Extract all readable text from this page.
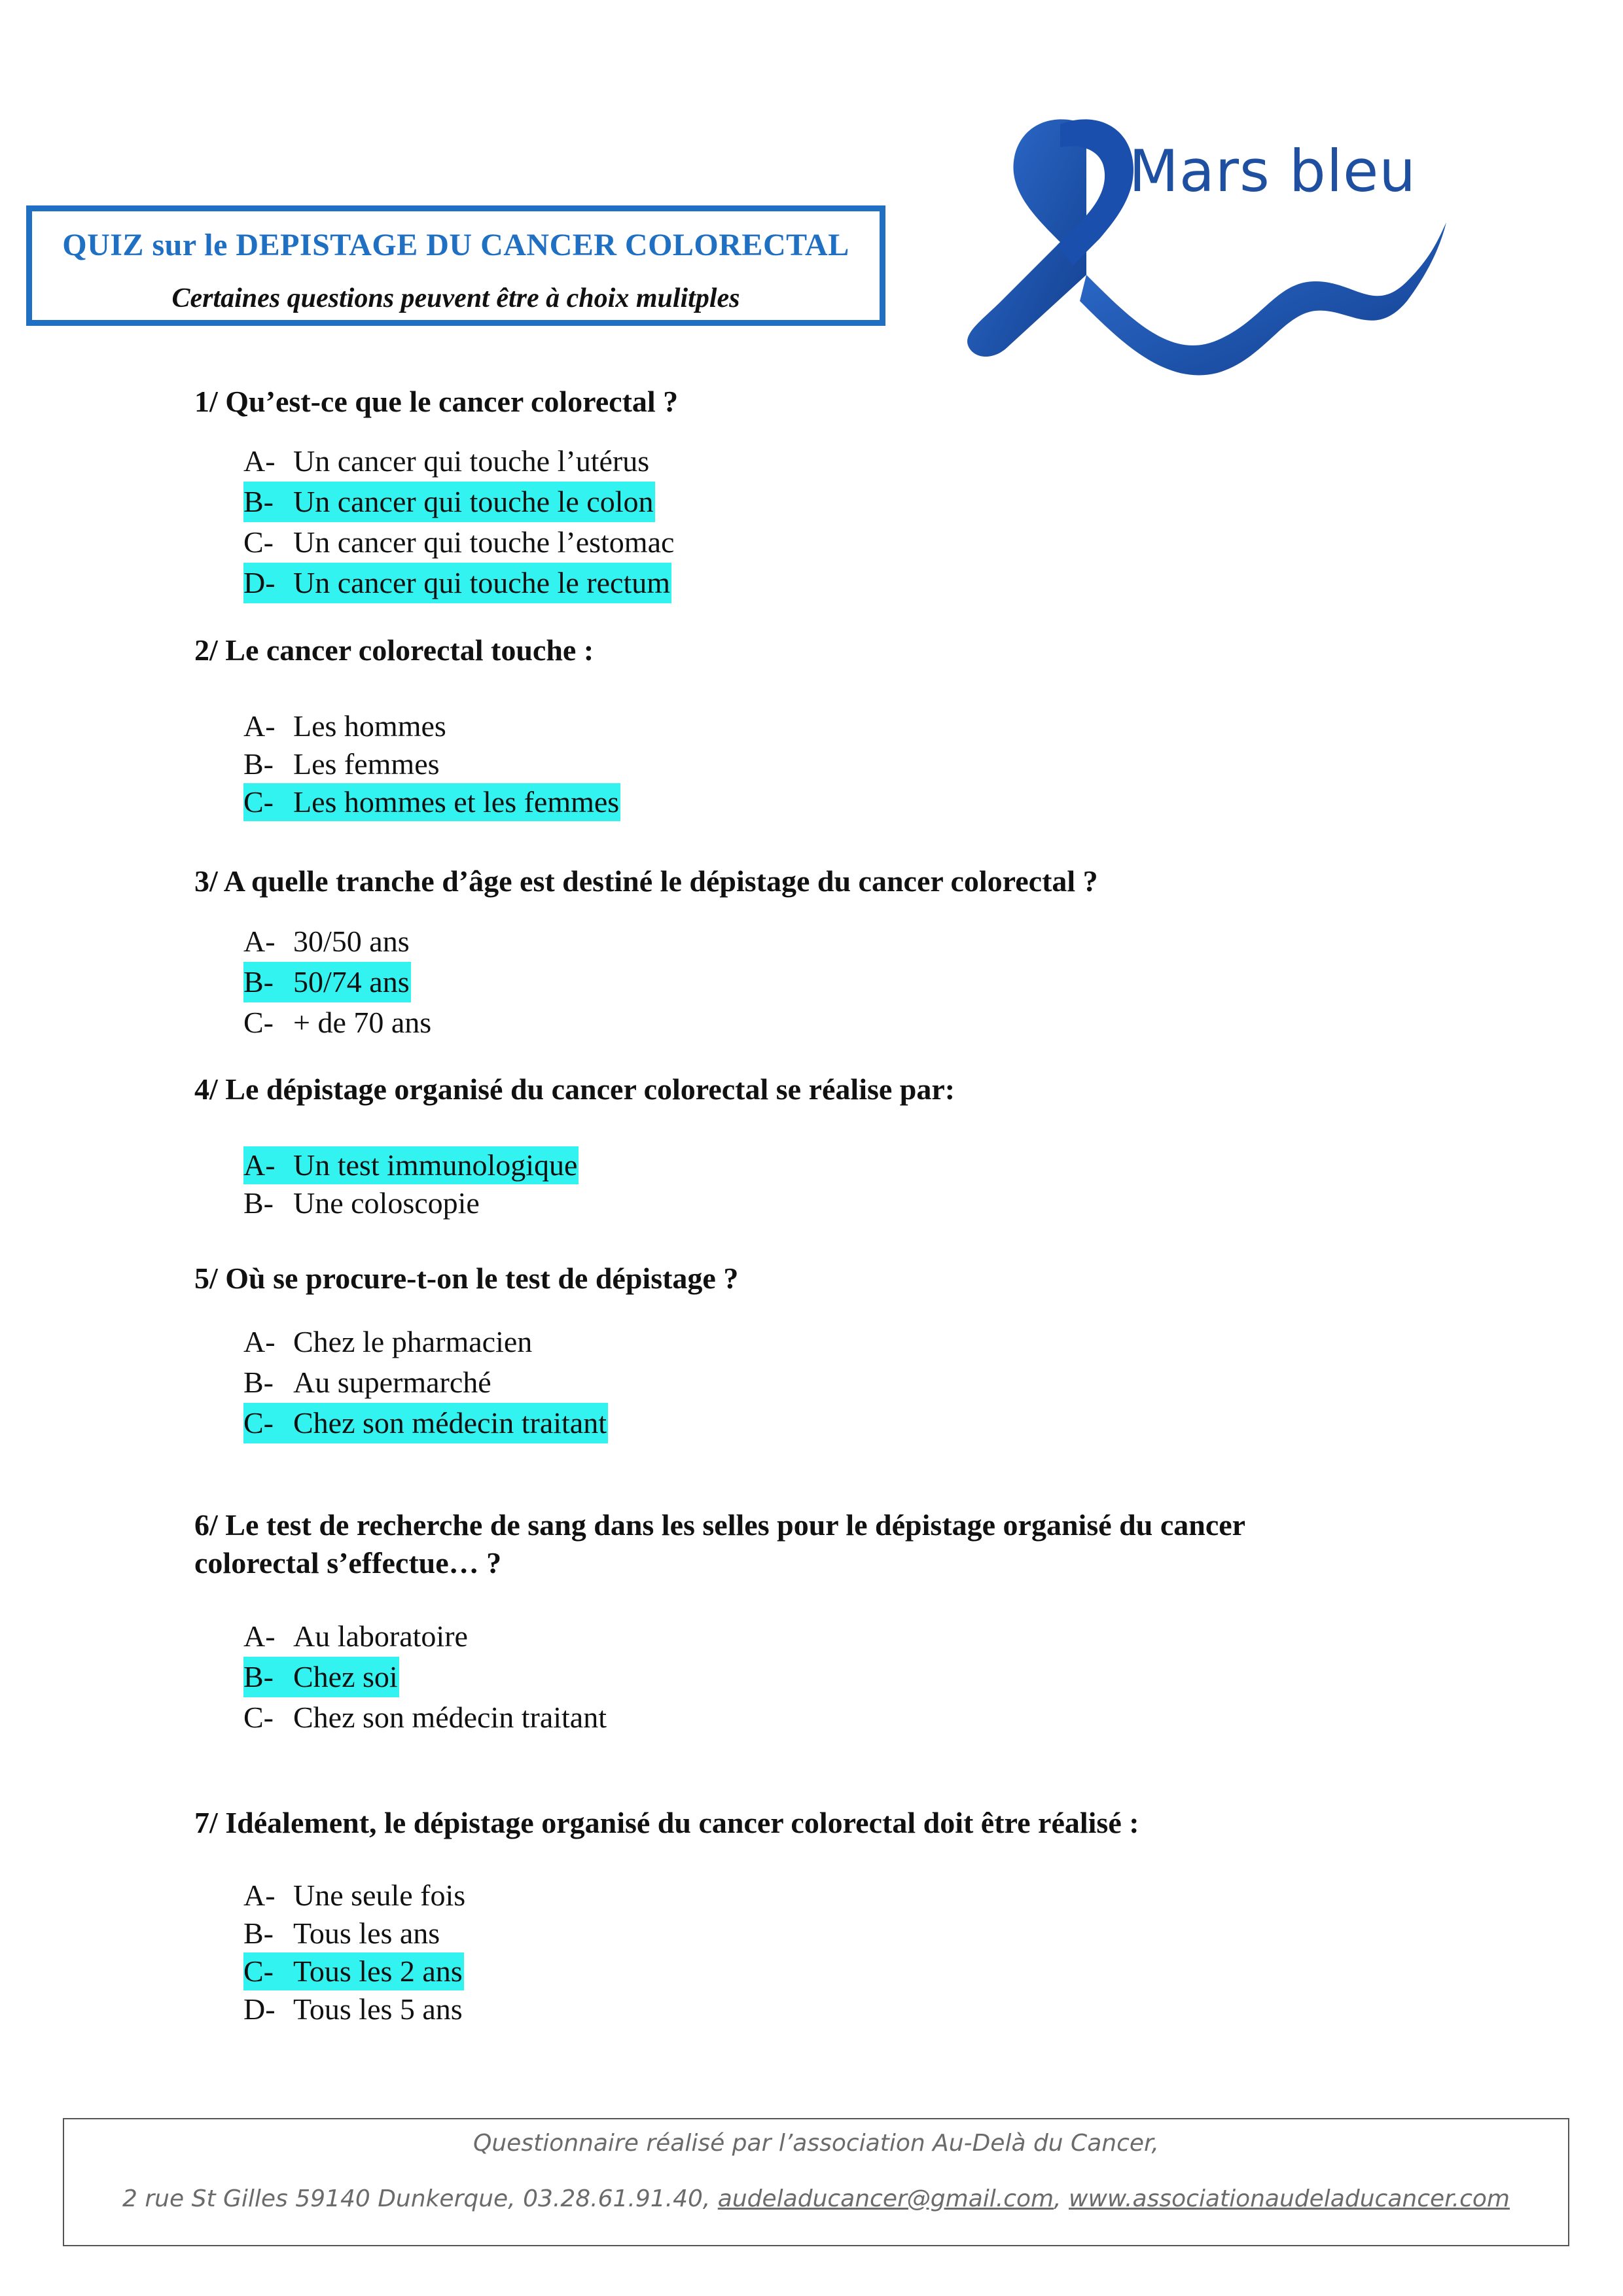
QUIZ sur le DEPISTAGE DU CANCER COLORECTAL
Certaines questions peuvent être à choix mulitples
Mars bleu

1/ Qu’est-ce que le cancer colorectal ?

A- Un cancer qui touche l’utérus
B- Un cancer qui touche le colon
C- Un cancer qui touche l’estomac
D- Un cancer qui touche le rectum

2/ Le cancer colorectal touche :

A- Les hommes
B- Les femmes
C- Les hommes et les femmes

3/ A quelle tranche d’âge est destiné le dépistage du cancer colorectal ?

A- 30/50 ans
B- 50/74 ans
C- + de 70 ans

4/ Le dépistage organisé du cancer colorectal se réalise par:

A- Un test immunologique
B- Une coloscopie

5/ Où se procure-t-on le test de dépistage ?

A- Chez le pharmacien
B- Au supermarché
C- Chez son médecin traitant
6/ Le test de recherche de sang dans les selles pour le dépistage organisé du cancer
colorectal s’effectue… ?
A- Au laboratoire
B- Chez soi
C- Chez son médecin traitant

7/ Idéalement, le dépistage organisé du cancer colorectal doit être réalisé :

A- Une seule fois
B- Tous les ans
C- Tous les 2 ans
D- Tous les 5 ans
Questionnaire réalisé par l’association Au-Delà du Cancer,
2 rue St Gilles 59140 Dunkerque, 03.28.61.91.40, audeladucancer@gmail.com, www.associationaudeladucancer.com
